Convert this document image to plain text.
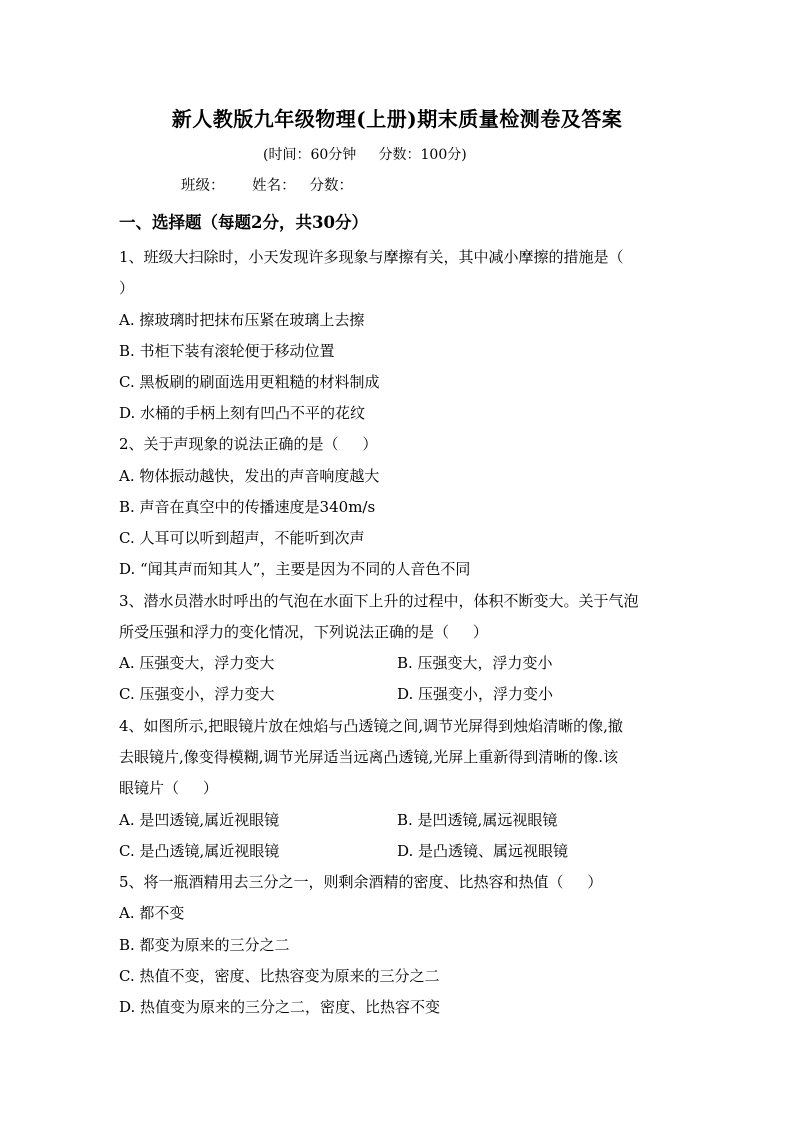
新人教版九年级物理(上册)期末质量检测卷及答案
(时间：60分钟     分数：100分)
班级：      姓名：   分数：
一、选择题（每题2分，共30分）
1、班级大扫除时，小天发现许多现象与摩擦有关，其中减小摩擦的措施是（
）
A. 擦玻璃时把抹布压紧在玻璃上去擦
B. 书柜下装有滚轮便于移动位置
C. 黑板刷的刷面选用更粗糙的材料制成
D. 水桶的手柄上刻有凹凸不平的花纹
2、关于声现象的说法正确的是（     ）
A. 物体振动越快，发出的声音响度越大
B. 声音在真空中的传播速度是340m/s
C. 人耳可以听到超声，不能听到次声
D. “闻其声而知其人”，主要是因为不同的人音色不同
3、潜水员潜水时呼出的气泡在水面下上升的过程中，体积不断变大。关于气泡
所受压强和浮力的变化情况，下列说法正确的是（     ）
A. 压强变大，浮力变大	B. 压强变大，浮力变小
C. 压强变小，浮力变大	D. 压强变小，浮力变小
4、如图所示,把眼镜片放在烛焰与凸透镜之间,调节光屏得到烛焰清晰的像,撤
去眼镜片,像变得模糊,调节光屏适当远离凸透镜,光屏上重新得到清晰的像.该
眼镜片（     ）
A. 是凹透镜,属近视眼镜	B. 是凹透镜,属远视眼镜
C. 是凸透镜,属近视眼镜	D. 是凸透镜、属远视眼镜
5、将一瓶酒精用去三分之一，则剩余酒精的密度、比热容和热值（     ）
A. 都不变
B. 都变为原来的三分之二
C. 热值不变，密度、比热容变为原来的三分之二
D. 热值变为原来的三分之二，密度、比热容不变
